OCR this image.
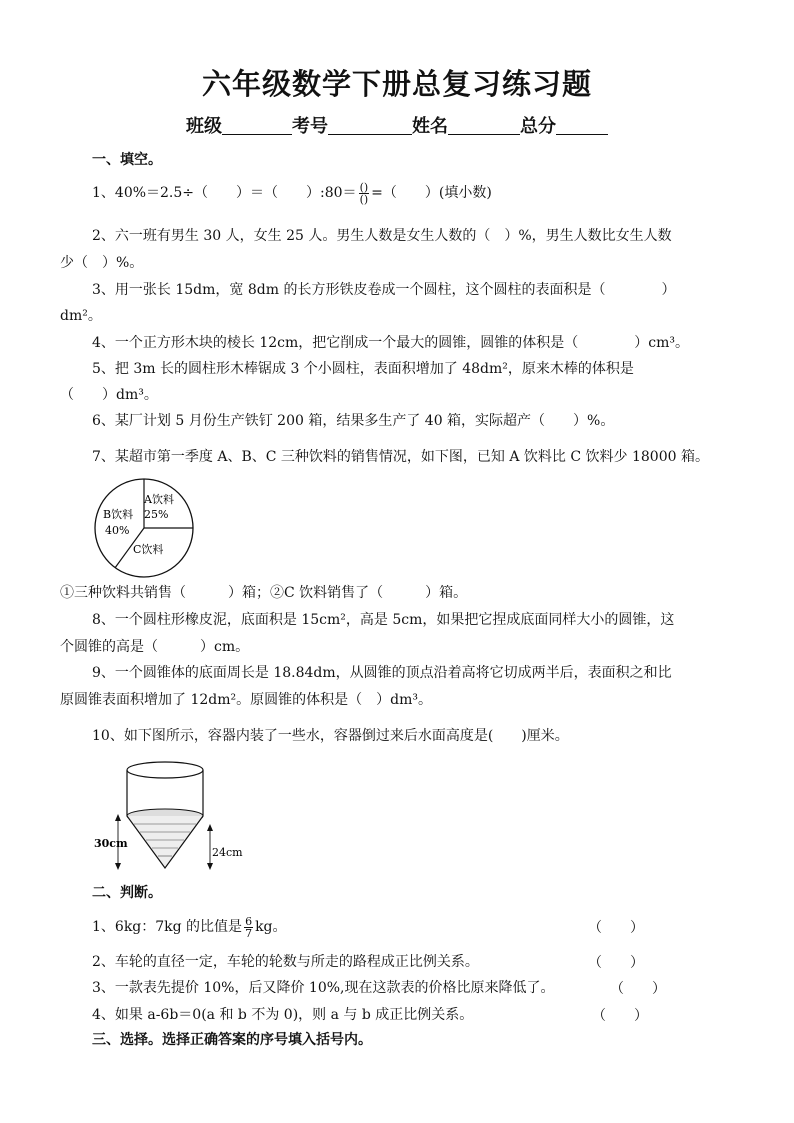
六年级数学下册总复习练习题
班级	考号	姓名	总分
一、填空。
1、40%＝2.5÷（　　）＝（　　）:80＝ $\frac{()}{()}$ =（　　）(填小数)
2、六一班有男生 30 人，女生 25 人。男生人数是女生人数的（　）%，男生人数比女生人数
少（　）%。
3、用一张长 15dm，宽 8dm 的长方形铁皮卷成一个圆柱，这个圆柱的表面积是（　　　　）
dm²。
4、一个正方形木块的棱长 12cm，把它削成一个最大的圆锥，圆锥的体积是（　　　　）cm³。
5、把 3m 长的圆柱形木棒锯成 3 个小圆柱，表面积增加了 48dm²，原来木棒的体积是
（　　）dm³。
6、某厂计划 5 月份生产铁钉 200 箱，结果多生产了 40 箱，实际超产（　　）%。
7、某超市第一季度 A、B、C 三种饮料的销售情况，如下图，已知 A 饮料比 C 饮料少 18000 箱。
A饮料
25%
B饮料
40%
C饮料
①三种饮料共销售（　　　）箱；②C 饮料销售了（　　　）箱。
8、一个圆柱形橡皮泥，底面积是 15cm²，高是 5cm，如果把它捏成底面同样大小的圆锥，这
个圆锥的高是（　　　）cm。
9、一个圆锥体的底面周长是 18.84dm，从圆锥的顶点沿着高将它切成两半后，表面积之和比
原圆锥表面积增加了 12dm²。原圆锥的体积是（　）dm³。
10、如下图所示，容器内装了一些水，容器倒过来后水面高度是(　　)厘米。
30cm
24cm
二、判断。
1、6kg：7kg 的比值是 $\frac{6}{7}$ kg。	（　　）
2、车轮的直径一定，车轮的轮数与所走的路程成正比例关系。	（　　）
3、一款表先提价 10%，后又降价 10%,现在这款表的价格比原来降低了。	（　　）
4、如果 a-6b＝0(a 和 b 不为 0)，则 a 与 b 成正比例关系。	（　　）
三、选择。选择正确答案的序号填入括号内。
